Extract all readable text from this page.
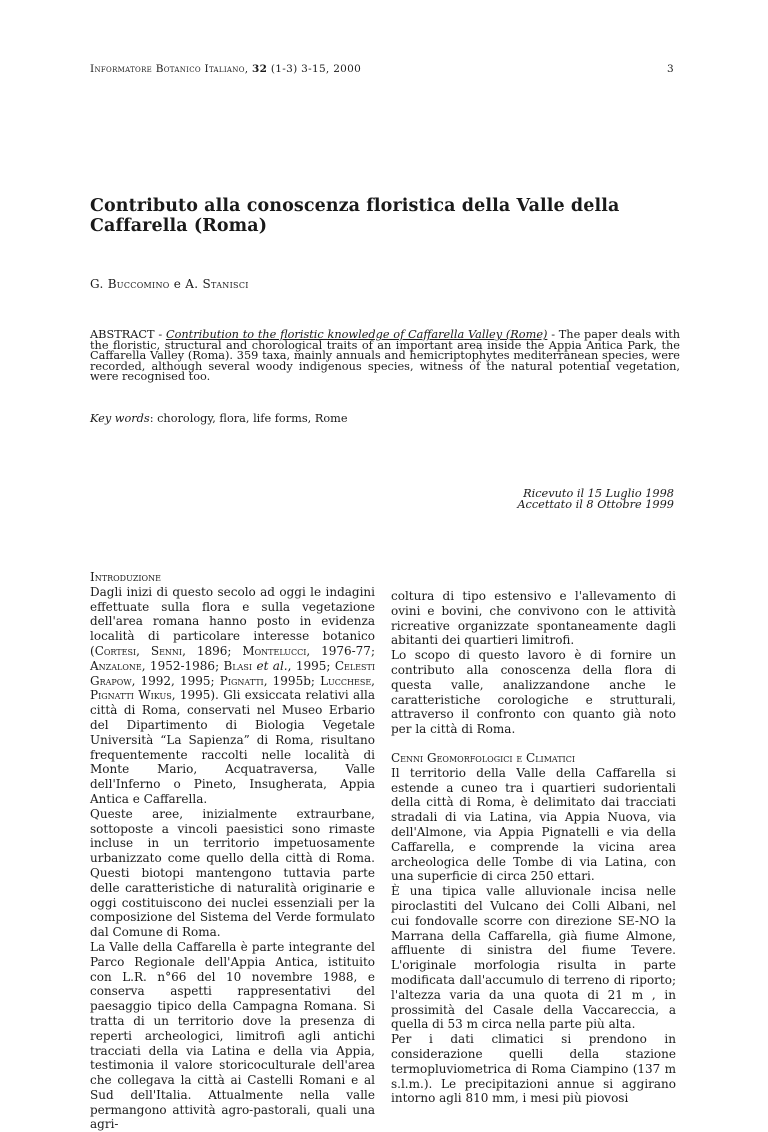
Informatore Botanico Italiano, 32 (1-3) 3-15, 2000	3
Contributo alla conoscenza floristica della Valle della Caffarella (Roma)
G. Buccomino e A. Stanisci

ABSTRACT - Contribution to the floristic knowledge of Caffarella Valley (Rome) - The paper deals with the floristic, structural and chorological traits of an important area inside the Appia Antica Park, the Caffarella Valley (Roma). 359 taxa, mainly annuals and hemicriptophytes mediterranean species, were recorded, although several woody indigenous species, witness of the natural potential vegetation, were recognised too.

Key words: chorology, flora, life forms, Rome
Ricevuto il 15 Luglio 1998
Accettato il 8 Ottobre 1999
Introduzione

Dagli inizi di questo secolo ad oggi le indagini effettuate sulla flora e sulla vegetazione dell'area romana hanno posto in evidenza località di particolare interesse botanico (Cortesi, Senni, 1896; Montelucci, 1976-77; Anzalone, 1952-1986; Blasi et al., 1995; Celesti Grapow, 1992, 1995; Pignatti, 1995b; Lucchese, Pignatti Wikus, 1995). Gli exsiccata relativi alla città di Roma, conservati nel Museo Erbario del Dipartimento di Biologia Vegetale Università “La Sapienza” di Roma, risultano frequentemente raccolti nelle località di Monte Mario, Acquatraversa, Valle dell'Inferno o Pineto, Insugherata, Appia Antica e Caffarella.

Queste aree, inizialmente extraurbane, sottoposte a vincoli paesistici sono rimaste incluse in un territorio impetuosamente urbanizzato come quello della città di Roma. Questi biotopi mantengono tuttavia parte delle caratteristiche di naturalità originarie e oggi costituiscono dei nuclei essenziali per la composizione del Sistema del Verde formulato dal Comune di Roma.

La Valle della Caffarella è parte integrante del Parco Regionale dell'Appia Antica, istituito con L.R. n°66 del 10 novembre 1988, e conserva aspetti rappresentativi del paesaggio tipico della Campagna Romana. Si tratta di un territorio dove la presenza di reperti archeologici, limitrofi agli antichi tracciati della via Latina e della via Appia, testimonia il valore storicoculturale dell'area che collegava la città ai Castelli Romani e al Sud dell'Italia. Attualmente nella valle permangono attività agro-pastorali, quali una agri-

coltura di tipo estensivo e l'allevamento di ovini e bovini, che convivono con le attività ricreative organizzate spontaneamente dagli abitanti dei quartieri limitrofi.

Lo scopo di questo lavoro è di fornire un contributo alla conoscenza della flora di questa valle, analizzandone anche le caratteristiche corologiche e strutturali, attraverso il confronto con quanto già noto per la città di Roma.

Cenni Geomorfologici e Climatici

Il territorio della Valle della Caffarella si estende a cuneo tra i quartieri sudorientali della città di Roma, è delimitato dai tracciati stradali di via Latina, via Appia Nuova, via dell'Almone, via Appia Pignatelli e via della Caffarella, e comprende la vicina area archeologica delle Tombe di via Latina, con una superficie di circa 250 ettari.

È una tipica valle alluvionale incisa nelle piroclastiti del Vulcano dei Colli Albani, nel cui fondovalle scorre con direzione SE-NO la Marrana della Caffarella, già fiume Almone, affluente di sinistra del fiume Tevere. L'originale morfologia risulta in parte modificata dall'accumulo di terreno di riporto; l'altezza varia da una quota di 21 m , in prossimità del Casale della Vaccareccia, a quella di 53 m circa nella parte più alta.

Per i dati climatici si prendono in considerazione quelli della stazione termopluviometrica di Roma Ciampino (137 m s.l.m.). Le precipitazioni annue si aggirano intorno agli 810 mm, i mesi più piovosi
